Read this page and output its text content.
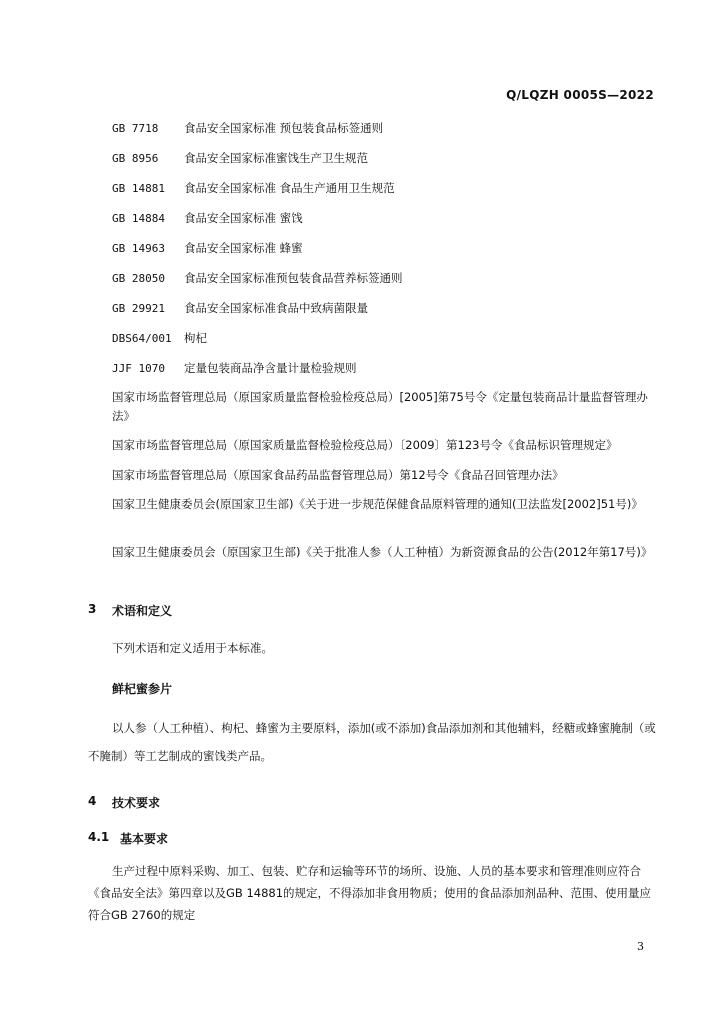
Q/LQZH 0005S—2022
GB 7718 食品安全国家标准 预包装食品标签通则
GB 8956 食品安全国家标准蜜饯生产卫生规范
GB 14881 食品安全国家标准 食品生产通用卫生规范
GB 14884 食品安全国家标准 蜜饯
GB 14963 食品安全国家标准 蜂蜜
GB 28050 食品安全国家标准预包装食品营养标签通则
GB 29921 食品安全国家标准食品中致病菌限量
DBS64/001 枸杞
JJF 1070 定量包装商品净含量计量检验规则
国家市场监督管理总局（原国家质量监督检验检疫总局）[2005]第75号令《定量包装商品计量监督管理办法》
国家市场监督管理总局（原国家质量监督检验检疫总局）〔2009〕第123号令《食品标识管理规定》
国家市场监督管理总局（原国家食品药品监督管理总局）第12号令《食品召回管理办法》
国家卫生健康委员会(原国家卫生部)《关于进一步规范保健食品原料管理的通知(卫法监发[2002]51号)》
国家卫生健康委员会（原国家卫生部)《关于批准人参（人工种植）为新资源食品的公告(2012年第17号)》
3 术语和定义
下列术语和定义适用于本标准。
鲜杞蜜参片
以人参（人工种植）、枸杞、蜂蜜为主要原料，添加(或不添加)食品添加剂和其他辅料，经糖或蜂蜜腌制（或不腌制）等工艺制成的蜜饯类产品。
4 技术要求
4.1 基本要求
生产过程中原料采购、加工、包装、贮存和运输等环节的场所、设施、人员的基本要求和管理准则应符合《食品安全法》第四章以及GB 14881的规定，不得添加非食用物质；使用的食品添加剂品种、范围、使用量应符合GB 2760的规定
3
